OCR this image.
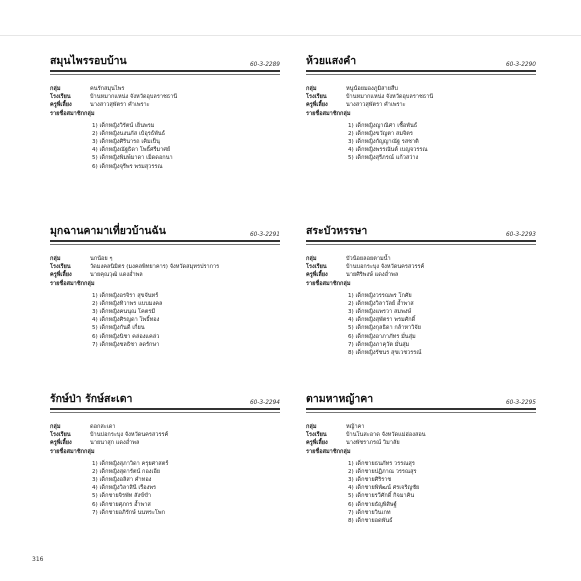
สมุนไพรรอบบ้าน	60-3-2289
กลุ่ม	คนรักสมุนไพร
โรงเรียน	บ้านหมากแหน่ง จังหวัดอุบลราชธานี
ครูพี่เลี้ยง	นางสาวสุพัตรา คำเพราะ
รายชื่อสมาชิกกลุ่ม
1) เด็กหญิงวิรัตน์ เย็นพรม
2) เด็กหญิงนงนภัส เบ้อุรธ์พันธ์
3) เด็กหญิงศิรินารถ เคิมเป็นุ
4) เด็กหญิงณัฐธิดา โพธิ์ศรีมาศย์
5) เด็กหญิงพิมพ์มาดา เม็ดดอกนา
6) เด็กหญิงจุรีพร พรมสุวรรณ
ห้วยแสงคำ	60-3-2290
กลุ่ม	หนูน้อยมองภูมิสายสืบ
โรงเรียน	บ้านหมากแหน่ง จังหวัดอุบลราชธานี
ครูพี่เลี้ยง	นางสาวสุพัตรา คำเพราะ
รายชื่อสมาชิกกลุ่ม
1) เด็กหญิงญาณิศา เชื้อพันธ์
2) เด็กหญิงขวัญตา สมจิตร
3) เด็กหญิงกัญญาณัฐ รสชาติ
4) เด็กหญิงพรรณันต์ เบญจวรรณ
5) เด็กหญิงสุรีภรณ์ แก้วสว่าง
มุกฉานคามาเที่ยวบ้านฉัน	60-3-2291
กลุ่ม	นกน้อย ๆ
โรงเรียน	วัดมงคลนิมิตร (มงคลพิทยาคาร) จังหวัดสมุทรปราการ
ครูพี่เลี้ยง	นายคุณวุฒิ แดงอ่ำพล
รายชื่อสมาชิกกลุ่ม
1) เด็กหญิงอรจิรา สุขจันทร์
2) เด็กหญิงทิวาพร แบบมงคล
3) เด็กหญิงคนนุณ โคตรมี
4) เด็กหญิงศิรญดา โพธิ์ทอง
5) เด็กหญิงกันดี เกี่ยน
6) เด็กหญิงนิชา คล่องแคล่ว
7) เด็กหญิงชลธิชา ลดรักษา
สระบัวหรรษา	60-3-2293
กลุ่ม	บัวน้อยลอยตามน้ำ
โรงเรียน	บ้านบอกระบุง จังหวัดนครสวรรค์
ครูพี่เลี้ยง	นายศิริพงษ์ แดงอ่ำพล
รายชื่อสมาชิกกลุ่ม
1) เด็กหญิงวรรณพร โกศัย
2) เด็กหญิงวิลาวัลย์ อ้ำพาส
3) เด็กหญิงแพรวา สมพงษ์
4) เด็กหญิงสุพัตรา พรมศักดิ์
5) เด็กหญิงกุลธิดา กล้าหาวิจัย
6) เด็กหญิงอาภาภัทร มั่นสุ่ม
7) เด็กหญิงภาคุวัต มั่นสุ่ม
8) เด็กหญิงรัชนร สุขเวชวรรณ์
รักษ์ป่า รักษ์สะเดา	60-3-2294
กลุ่ม	ดอกสะเดา
โรงเรียน	บ้านบ่อกระบุง จังหวัดนครสวรรค์
ครูพี่เลี้ยง	นายนาสุก แดงอ่ำพล
รายชื่อสมาชิกกลุ่ม
1) เด็กหญิงสุภาวิดา ครุยศาสตร์
2) เด็กหญิงสุดารัตน์ กองเอีย
3) เด็กหญิงอลิสา คำทอง
4) เด็กหญิงวิลาสินี เรืองพร
5) เด็กชายจิรพัท สังข์ขำ
6) เด็กชายศุภกร อ้ำพาส
7) เด็กชายอภิรักษ์ นนทระโพก
ตามหาหญ้าคา	60-3-2295
กลุ่ม	หญ้าคา
โรงเรียน	บ้านโนสะอาด จังหวัดแม่ฮ่องสอน
ครูพี่เลี้ยง	นางพัชราภรณ์ วิมาลัย
รายชื่อสมาชิกกลุ่ม
1) เด็กชายธนภัทร วรรณสุร
2) เด็กชายปฏิภาณ วรรณสุร
3) เด็กชายศิริราช
4) เด็กชายพิพัฒน์ ศรเจริญชัย
5) เด็กชายรวีศักดิ์ กิจมาคิน
6) เด็กชายธัญพิสิษฐ์
7) เด็กชายวินเกท
8) เด็กชายอดพันธ์
316
